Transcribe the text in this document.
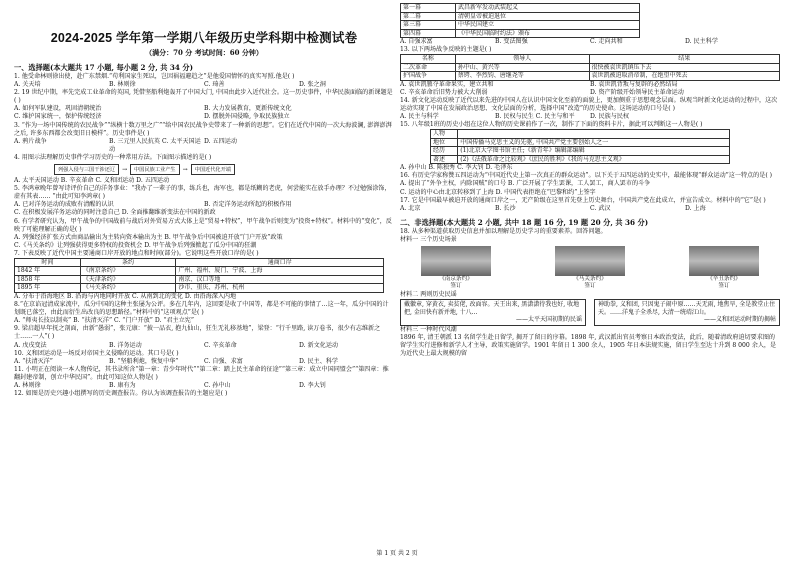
2024-2025 学年第一学期八年级历史学科期中检测试卷
（满分：70 分 考试时间：60 分钟）
一、选择题(本大题共 17 小题, 每小题 2 分, 共 34 分)

1. 他受命林则徐出使，赴广东禁烟.“苟利国家生死以，岂因祸福避趋之”是他爱国情怀的真实写照.他是( )

A. 关天培	B. 林则徐	C. 琦善	D. 张之洞

2. 19 世纪中期，率先完成工业革命的英国, 凭借坚船利炮轰开了中国大门, 中国由此步入近代社会。这一历史事件，中华民族面临的新课题是( )

A. 如何军队建设，巩固清朝统治	B. 大力发展教育，更新传统文化
C. 维护国家统一，保护传统经济	D. 摆脱外国侵略, 争取民族独立

3. “作为一场中国传统的农民战争”“纵横十数万里之广”“给中国农民战争史带来了一种新的思想”。它们在近代中国的一次大海波澜, 澎湃澎湃之后, 许多东西都会改变旧日模样”。历史事件是( )

A. 鸦片战争	B. 三元里人民抗英 C. 太平天国运动
D. 五四运动

4. 用图示法理解历史事件学习历史的一种常用方法。下面图示描述的是( )

列强入侵与三国干涉还辽	→	中国民族工业产生	→	中国近代化开端

A. 太平天国运动 B. 辛亥革命 C. 义和团运动 D. 五四运动

5. 李鸿章晚年曾写诗评价自己的洋务事业：“我办了一辈子的事，练兵也，海军也，都是纸糊的老虎，何尝能实在放手办理？不过勉强涂饰，虚有其表…… ”由此可知李鸿章( )

A. 已对洋务运动的成败有清醒的认识	B. 否定洋务运动所起的积极作用

C. 在积极发展洋务运动的同时注意自己 D. 全面推翻维新变法在中国的新政

6. 有学者研究认为，甲午战争的中国战前与战后对外贸易方式大体上是“贸易+特权”，甲午战争后则变为“投资+特权”。材料中的“变化”，反映了可能理解正确的是( )

A. 列强经济扩张方式由商品输出为主转向资本输出为主 B. 甲午战争后中国被迫开放“门户开放”政策

C.《马关条约》让列强获得更多特权的投资机会 D. 甲午战争后列强掀起了瓜分中国的狂潮

7. 下表反映了近代中国主要通商口岸开放的地点和时间(部分)。它说明这些开放口岸的是( )

时间	条约	通商口岸
1842 年	《南京条约》	广州、福州、厦门、宁波、上海
1858 年	《天津条约》	南京、汉口等地
1895 年	《马关条约》	沙市、重庆、苏州、杭州

A. 分布于沿海地区 B. 沿海与内地同时开放 C. 从南到北的变化 D. 由沿海深入内地

8.“在京谄冠清成家流中，瓜分中国的这种主张屡为公评。多在几年内，这回要是收了中国等，都是不可能的事情了…这一年，瓜分中国的计划既已落空，由此而衍生出改良的思想路径。”材料中的“这项观点”是( )

A. “师夷长技以制夷” B. “扶清灭洋” C. “门户开放” D. “君主立宪”

9. 梁启超早年抚之剖面，由新“愚弱”，张元康：“披一品衣, 抱九仙山，狂生无礼移基地”，梁登：“行千里路, 读万卷书，很少有志维新之士……一人”( )

A. 戊戌变法	B. 洋务运动	C. 辛亥革命	D. 新文化运动

10. 义和团运动是一场反对帝国主义侵略的运动。其口号是( )

A. “扶清灭洋”	B. “坚船利炮，恢复中华”	C. 自强、求富	D. 民主、科学

11. 小明正在阅读一本人物传记，其书录所含“第一章：青少年时代”“第二章：踏上民主革命的征途”“第三章：成立中国同盟会”“第四章：推翻封建帝制，创立中华民国”。由此可知这位人物是( )

A. 林则徐	B. 康有为	C. 孙中山	D. 李大钊

12. 如图是历史兴趣小组撰写的历史调查报告。你认为该调查报告的主题应是( )

第一幕	武昌新军发动武装起义
第二幕	清朝皇帝被迫退位
第三幕	中华民国建立
第四幕	《中华民国临时约法》颁布
A. 自强求富	B. 变法图强	C. 走向共和	D. 民主科学

13. 以下两场战争反映的主题是( )

名称	领导人	结果
二次革命	孙中山、黄兴等	很快被袁世凯镇压下去
护国战争	蔡锷、李烈钧、唐继尧等	袁世凯被迫取消帝制，在绝望中死去
A. 袁世凯篡夺革命果实，建立共和	B. 袁世凯背叛与复辟的必然结局
C. 辛亥革命后旧势力被大大削弱	D. 资产阶级开始领导民主革命运动

14. 新文化运动反映了近代以来先进的中国人在认识中国文化至前的面貌上，更加侧重于思想观念层面。纵观当时新文化运动的过程中，这次运动实现了中国在发展政治思想、文化层面的分析，选择中国“改造”的历史使命。这场运动的口号是( )

A. 民主与科学	B. 民权与民生 C. 民主与和平	D. 民族与民权

15. 八年级1班的历史小组在这位人物的历史课前作了一次，制作了下面的资料卡片，据此可以判断这一人物是( )

人物	
地位	中国传播马克思主义的先驱, 中国共产党主要创始人之一
经历	(1)北京大学图书馆主任;《新青年》编辑部编辑
著述	(2)《法俄革命之比较观》《庶民的胜利》《我的马克思主义观》

A. 孙中山 B. 陈独秀 C. 李大钊 D. 毛泽东

16. 有历史学家称赞五四运动为“中国近代史上第一次真正的群众运动”。以下关于五四运动的史实中，最能体现“群众运动”这一特点的是( )

A. 提出了“外争主权，内除国贼”的口号 B. 广泛开展了学生罢课，工人罢工，商人罢市的斗争

C. 运动的中心由北京转移到了上海 D. 中国代表拒绝在“巴黎和约”上签字

17. 它是中国最早被迫开放的通商口岸之一，无产阶级在这里首先登上历史舞台，中国共产党在此成立，并宣告成立。材料中的“它”是( )

A. 北京	B. 长沙	C. 武汉	D. 上海
二、非选择题(本大题共 2 小题, 共中 18 题 16 分, 19 题 20 分, 共 36 分)

18. 从多种渠道获取历史信息并加以理解是历史学习的重要素养。回答问题。

材料一 三个历史场景

《南京条约》
签订
《马关条约》
签订
《辛丑条约》
签订

材料二 两则历史民谣

戴徽章, 穿黄衣, 卖贫佬, 改面容。天王出来, 黑潇潇待我也好, 收地把, 金田快有新并地, 十八…

——太平天国初期的民谣
神助拳, 义和团, 只因鬼子闹中原……天无雨, 地焦旱, 全是教堂止住天。……洋鬼子全杀尽, 大清一统靖江山。

——义和团运动时期的揭帖

材料三 一种时代风潮

1896 年, 清王朝派 13 名留学生赴日留学, 揭开了留日的序幕。1898 年, 武汉派出官员考察日本政治变法，此后，随着清政府迫切要求图的留学生实行进修和新学人才主导，政策实施留学。1901 年留日 1 300 余人，1905 年日本法规实施，留日学生至达十升到 8 000 余人，是为近代史上最大规模的留

第 1 页 共 2 页
